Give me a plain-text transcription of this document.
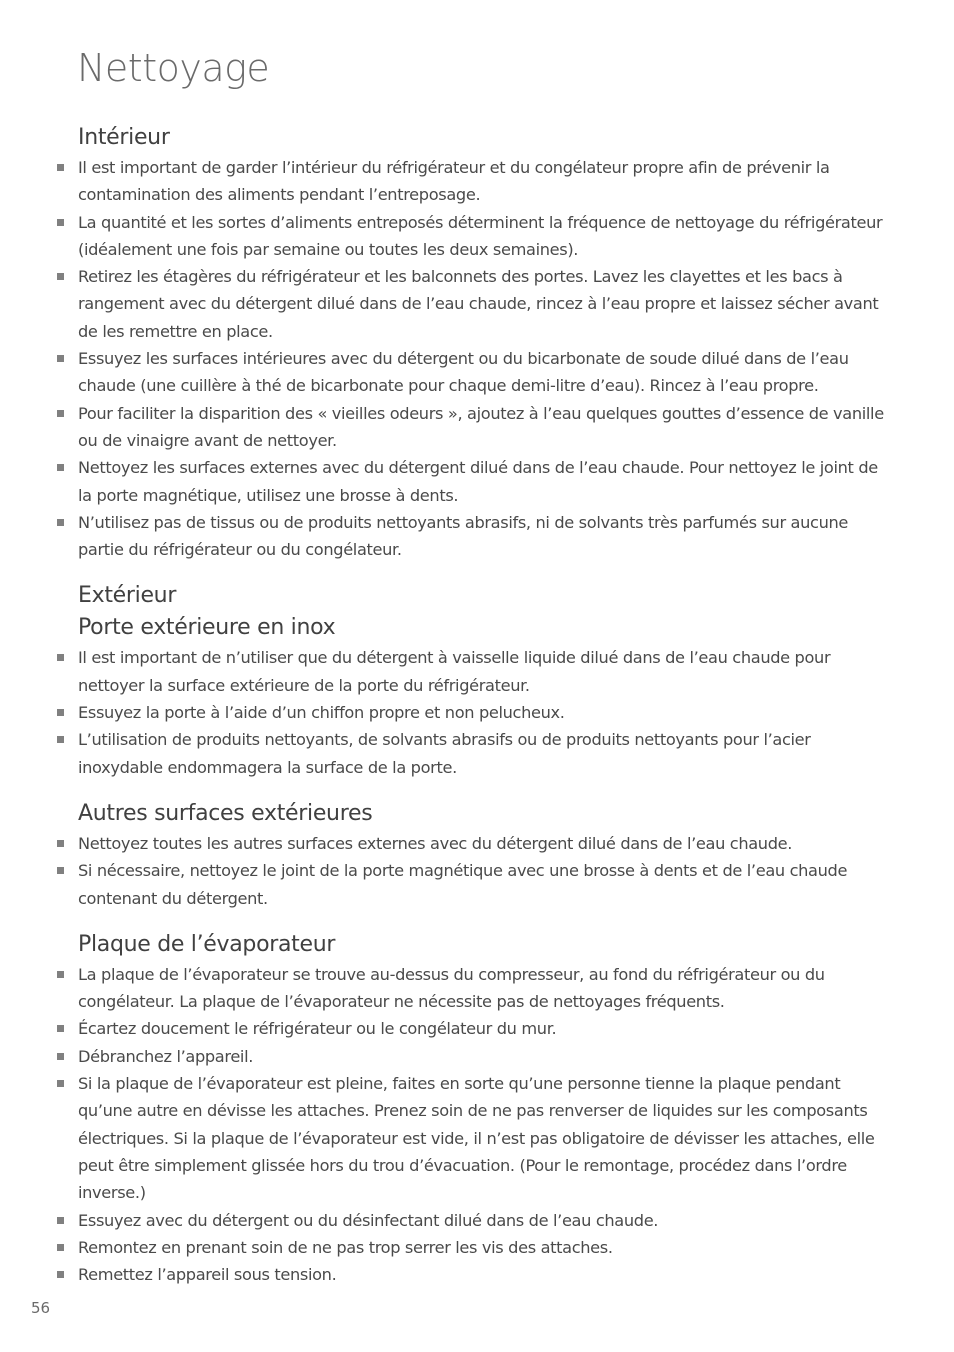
Nettoyage
Intérieur
Il est important de garder l’intérieur du réfrigérateur et du congélateur propre afin de prévenir la contamination des aliments pendant l’entreposage.
La quantité et les sortes d’aliments entreposés déterminent la fréquence de nettoyage du réfrigérateur (idéalement une fois par semaine ou toutes les deux semaines).
Retirez les étagères du réfrigérateur et les balconnets des portes. Lavez les clayettes et les bacs à rangement avec du détergent dilué dans de l’eau chaude, rincez à l’eau propre et laissez sécher avant de les remettre en place.
Essuyez les surfaces intérieures avec du détergent ou du bicarbonate de soude dilué dans de l’eau chaude (une cuillère à thé de bicarbonate pour chaque demi-litre d’eau). Rincez à l’eau propre.
Pour faciliter la disparition des « vieilles odeurs », ajoutez à l’eau quelques gouttes d’essence de vanille ou de vinaigre avant de nettoyer.
Nettoyez les surfaces externes avec du détergent dilué dans de l’eau chaude. Pour nettoyez le joint de la porte magnétique, utilisez une brosse à dents.
N’utilisez pas de tissus ou de produits nettoyants abrasifs, ni de solvants très parfumés sur aucune partie du réfrigérateur ou du congélateur.
Extérieur
Porte extérieure en inox
Il est important de n’utiliser que du détergent à vaisselle liquide dilué dans de l’eau chaude pour nettoyer la surface extérieure de la porte du réfrigérateur.
Essuyez la porte à l’aide d’un chiffon propre et non pelucheux.
L’utilisation de produits nettoyants, de solvants abrasifs ou de produits nettoyants pour l’acier inoxydable endommagera la surface de la porte.
Autres surfaces extérieures
Nettoyez toutes les autres surfaces externes avec du détergent dilué dans de l’eau chaude.
Si nécessaire, nettoyez le joint de la porte magnétique avec une brosse à dents et de l’eau chaude contenant du détergent.
Plaque de l’évaporateur
La plaque de l’évaporateur se trouve au-dessus du compresseur, au fond du réfrigérateur ou du congélateur. La plaque de l’évaporateur ne nécessite pas de nettoyages fréquents.
Écartez doucement le réfrigérateur ou le congélateur du mur.
Débranchez l’appareil.
Si la plaque de l’évaporateur est pleine, faites en sorte qu’une personne tienne la plaque pendant qu’une autre en dévisse les attaches. Prenez soin de ne pas renverser de liquides sur les composants électriques. Si la plaque de l’évaporateur est vide, il n’est pas obligatoire de dévisser les attaches, elle peut être simplement glissée hors du trou d’évacuation. (Pour le remontage, procédez dans l’ordre inverse.)
Essuyez avec du détergent ou du désinfectant dilué dans de l’eau chaude.
Remontez en prenant soin de ne pas trop serrer les vis des attaches.
Remettez l’appareil sous tension.
56
